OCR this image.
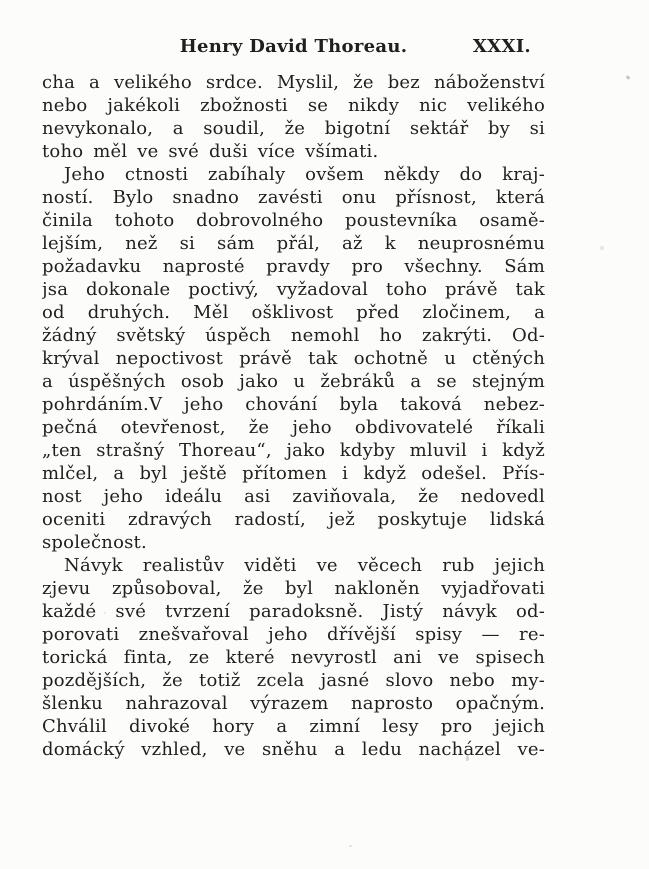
Henry David Thoreau.	XXXI.
cha a velikého srdce. Myslil, že bez náboženství
nebo jakékoli zbožnosti se nikdy nic velikého
nevykonalo, a soudil, že bigotní sektář by si
toho měl ve své duši více všímati.
Jeho ctnosti zabíhaly ovšem někdy do kraj-
ností. Bylo snadno zavésti onu přísnost, která
činila tohoto dobrovolného poustevníka osamě-
lejším, než si sám přál, až k neuprosnému
požadavku naprosté pravdy pro všechny. Sám
jsa dokonale poctivý, vyžadoval toho právě tak
od druhých. Měl ošklivost před zločinem, a
žádný světský úspěch nemohl ho zakrýti. Od-
krýval nepoctivost právě tak ochotně u ctěných
a úspěšných osob jako u žebráků a se stejným
pohrdáním.V jeho chování byla taková nebez-
pečná otevřenost, že jeho obdivovatelé říkali
„ten strašný Thoreau“, jako kdyby mluvil i když
mlčel, a byl ještě přítomen i když odešel. Přís-
nost jeho ideálu asi zaviňovala, že nedovedl
oceniti zdravých radostí, jež poskytuje lidská
společnost.
Návyk realistův viděti ve věcech rub jejich
zjevu způsoboval, že byl nakloněn vyjadřovati
každé své tvrzení paradoksně. Jistý návyk od-
porovati znešvařoval jeho dřívější spisy — re-
torická finta, ze které nevyrostl ani ve spisech
pozdějších, že totiž zcela jasné slovo nebo my-
šlenku nahrazoval výrazem naprosto opačným.
Chválil divoké hory a zimní lesy pro jejich
domácký vzhled, ve sněhu a ledu nacházel ve-
